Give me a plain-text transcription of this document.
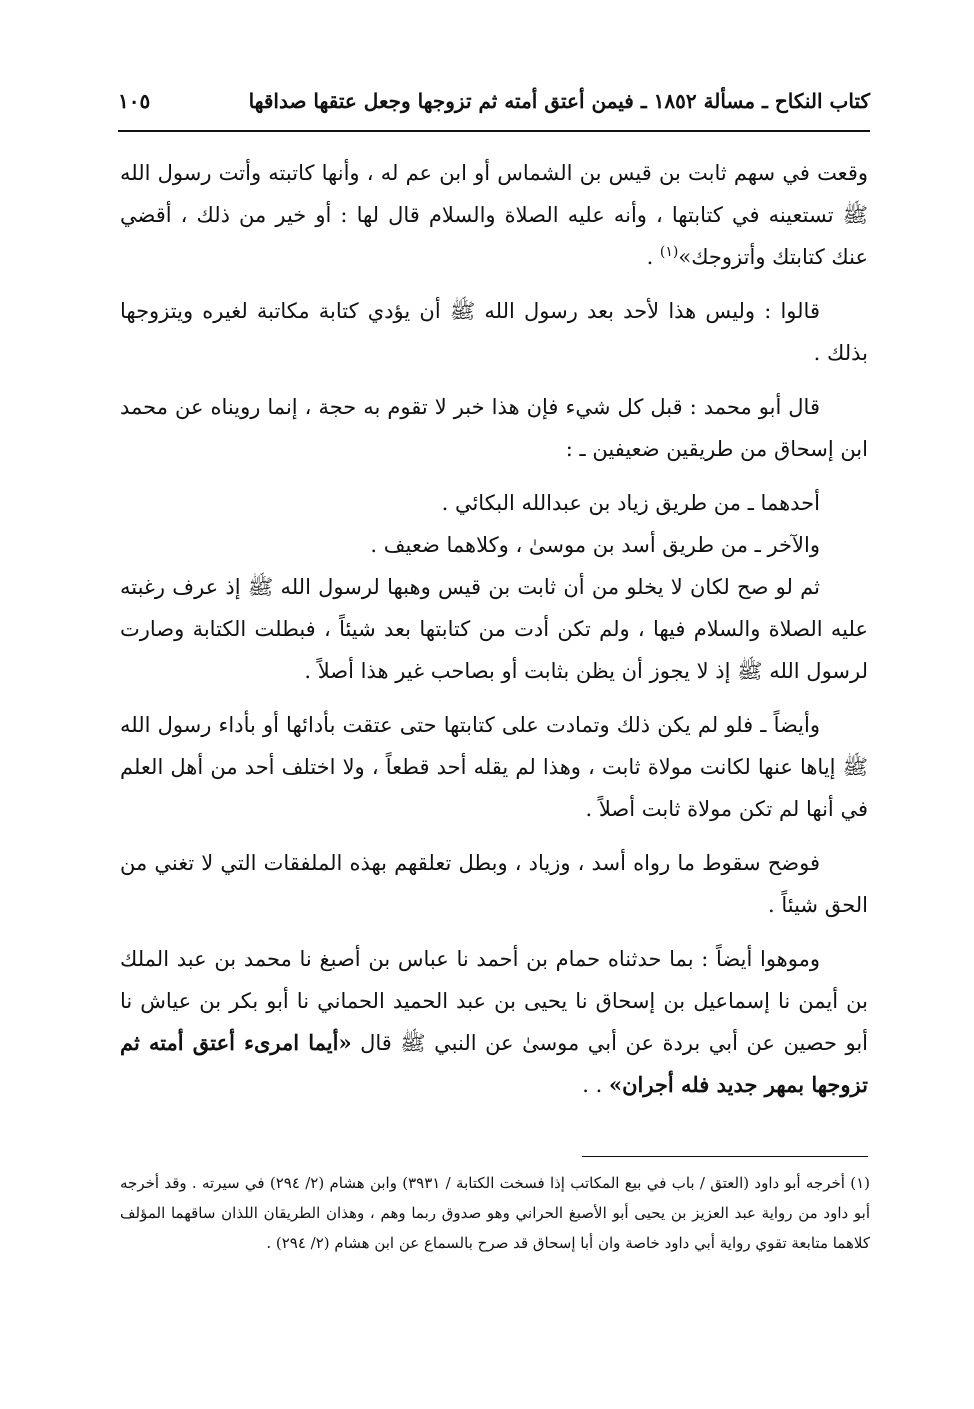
كتاب النكاح ـ مسألة ١٨٥٢ ـ فيمن أعتق أمته ثم تزوجها وجعل عتقها صداقها
١٠٥

وقعت في سهم ثابت بن قيس بن الشماس أو ابن عم له ، وأنها كاتبته وأتت رسول الله ﷺ تستعينه في كتابتها ، وأنه عليه الصلاة والسلام قال لها : أو خير من ذلك ، أقضي عنك كتابتك وأتزوجك»$^{(١)}$ .

قالوا : وليس هذا لأحد بعد رسول الله ﷺ أن يؤدي كتابة مكاتبة لغيره ويتزوجها بذلك .

قال أبو محمد : قبل كل شيء فإن هذا خبر لا تقوم به حجة ، إنما رويناه عن محمد ابن إسحاق من طريقين ضعيفين ـ :

أحدهما ـ من طريق زياد بن عبدالله البكائي .

والآخر ـ من طريق أسد بن موسىٰ ، وكلاهما ضعيف .

ثم لو صح لكان لا يخلو من أن ثابت بن قيس وهبها لرسول الله ﷺ إذ عرف رغبته عليه الصلاة والسلام فيها ، ولم تكن أدت من كتابتها بعد شيئاً ، فبطلت الكتابة وصارت لرسول الله ﷺ إذ لا يجوز أن يظن بثابت أو بصاحب غير هذا أصلاً .

وأيضاً ـ فلو لم يكن ذلك وتمادت على كتابتها حتى عتقت بأدائها أو بأداء رسول الله ﷺ إياها عنها لكانت مولاة ثابت ، وهذا لم يقله أحد قطعاً ، ولا اختلف أحد من أهل العلم في أنها لم تكن مولاة ثابت أصلاً .

فوضح سقوط ما رواه أسد ، وزياد ، وبطل تعلقهم بهذه الملفقات التي لا تغني من الحق شيئاً .

وموهوا أيضاً : بما حدثناه حمام بن أحمد نا عباس بن أصبغ نا محمد بن عبد الملك بن أيمن نا إسماعيل بن إسحاق نا يحيى بن عبد الحميد الحماني نا أبو بكر بن عياش نا أبو حصين عن أبي بردة عن أبي موسىٰ عن النبي ﷺ قال «أيما امرىء أعتق أمته ثم تزوجها بمهر جديد فله أجران» . .

(١) أخرجه أبو داود (العتق / باب في بيع المكاتب إذا فسخت الكتابة / ٣٩٣١) وابن هشام (٢/ ٢٩٤) في سيرته . وقد أخرجه أبو داود من رواية عبد العزيز بن يحيى أبو الأصبغ الحراني وهو صدوق ربما وهم ، وهذان الطريقان اللذان ساقهما المؤلف كلاهما متابعة تقوي رواية أبي داود خاصة وان أبا إسحاق قد صرح بالسماع عن ابن هشام (٢/ ٢٩٤) .
